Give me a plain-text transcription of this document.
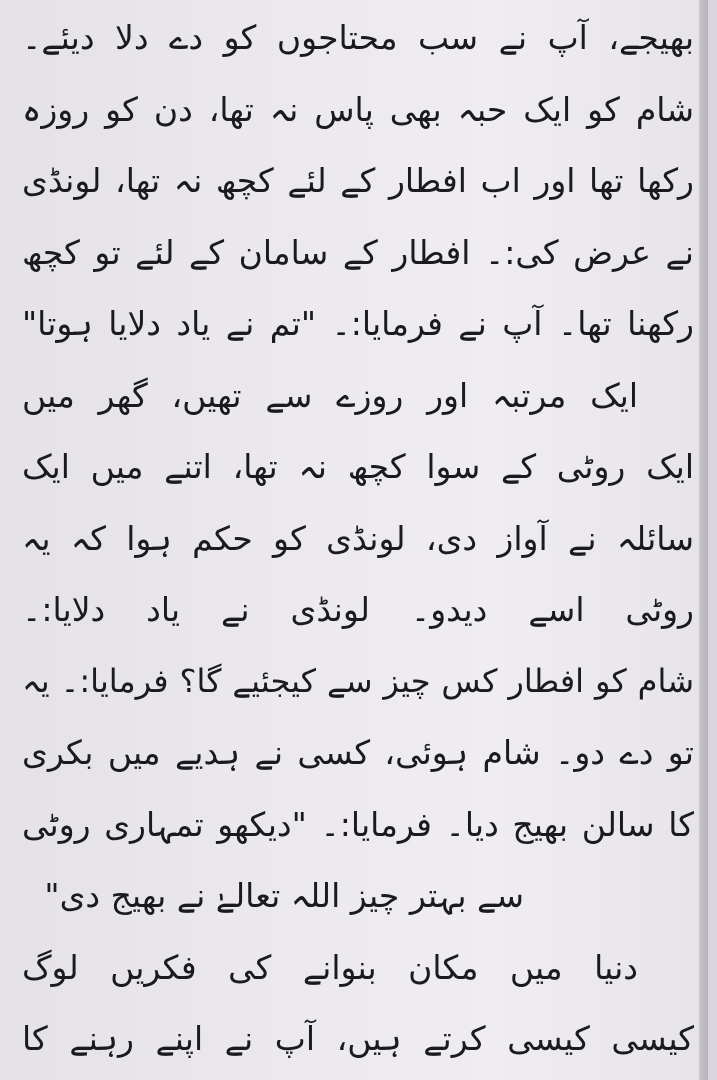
بھیجے، آپ نے سب محتاجوں کو دے دلا دیئے۔
شام کو ایک حبہ بھی پاس نہ تھا، دن کو روزہ
رکھا تھا اور اب افطار کے لئے کچھ نہ تھا، لونڈی
نے عرض کی:۔ افطار کے سامان کے لئے تو کچھ
رکھنا تھا۔ آپ نے فرمایا:۔ "تم نے یاد دلایا ہوتا"
ایک مرتبہ اور روزے سے تھیں، گھر میں
ایک روٹی کے سوا کچھ نہ تھا، اتنے میں ایک
سائلہ نے آواز دی، لونڈی کو حکم ہوا کہ یہ
روٹی اسے دیدو۔ لونڈی نے یاد دلایا:۔
شام کو افطار کس چیز سے کیجئیے گا؟ فرمایا:۔ یہ
تو دے دو۔ شام ہوئی، کسی نے ہدیے میں بکری
کا سالن بھیج دیا۔ فرمایا:۔ "دیکھو تمہاری روٹی
سے بہتر چیز اللہ تعالےٰ نے بھیج دی"
دنیا میں مکان بنوانے کی فکریں لوگ
کیسی کیسی کرتے ہیں، آپ نے اپنے رہنے کا
